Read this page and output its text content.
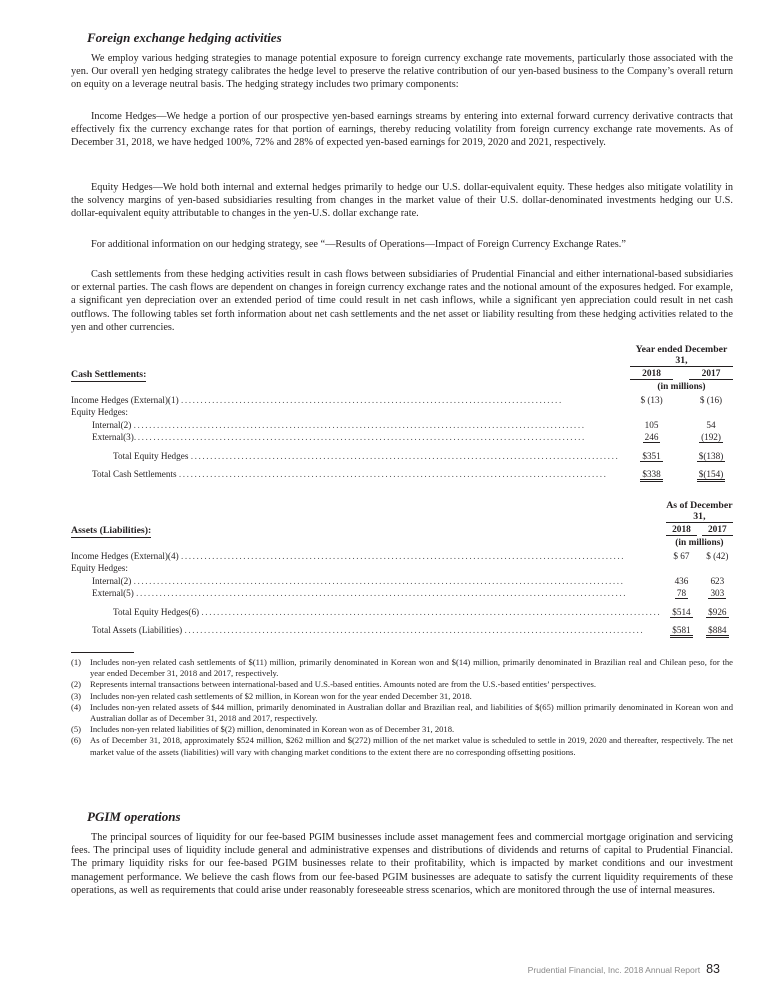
Foreign exchange hedging activities

We employ various hedging strategies to manage potential exposure to foreign currency exchange rate movements, particularly those associated with the yen. Our overall yen hedging strategy calibrates the hedge level to preserve the relative contribution of our yen-based business to the Company’s overall return on equity on a leverage neutral basis. The hedging strategy includes two primary components:

Income Hedges—We hedge a portion of our prospective yen-based earnings streams by entering into external forward currency derivative contracts that effectively fix the currency exchange rates for that portion of earnings, thereby reducing volatility from foreign currency exchange rate movements. As of December 31, 2018, we have hedged 100%, 72% and 28% of expected yen-based earnings for 2019, 2020 and 2021, respectively.

Equity Hedges—We hold both internal and external hedges primarily to hedge our U.S. dollar-equivalent equity. These hedges also mitigate volatility in the solvency margins of yen-based subsidiaries resulting from changes in the market value of their U.S. dollar-denominated investments hedging our U.S. dollar-equivalent equity attributable to changes in the yen-U.S. dollar exchange rate.

For additional information on our hedging strategy, see “—Results of Operations—Impact of Foreign Currency Exchange Rates.”

Cash settlements from these hedging activities result in cash flows between subsidiaries of Prudential Financial and either international-based subsidiaries or external parties. The cash flows are dependent on changes in foreign currency exchange rates and the notional amount of the exposures hedged. For example, a significant yen depreciation over an extended period of time could result in net cash inflows, while a significant yen appreciation could result in net cash outflows. The following tables set forth information about net cash settlements and the net asset or liability resulting from these hedging activities related to the yen and other currencies.

		Year ended December 31,		
Cash Settlements:		2018		2017
		(in millions)		
Income Hedges (External)(1) ..................................................................................................		$ (13)		$ (16)
Equity Hedges:				
Internal(2) ....................................................................................................................		105		54
External(3)....................................................................................................................		246		(192)

Total Equity Hedges ..............................................................................................................		$351		$(138)

Total Cash Settlements ..............................................................................................................		$338		$(154)
		As of December 31,		
Assets (Liabilities):		2018		2017
		(in millions)		
Income Hedges (External)(4) ..................................................................................................................		$ 67		$ (42)
Equity Hedges:				
Internal(2) ..............................................................................................................................		436		623
External(5) ..............................................................................................................................		78		303

Total Equity Hedges(6) ......................................................................................................................		$514		$926

Total Assets (Liabilities) ......................................................................................................................		$581		$884
(1)	Includes non-yen related cash settlements of $(11) million, primarily denominated in Korean won and $(14) million, primarily denominated in Brazilian real and Chilean peso, for the year ended December 31, 2018 and 2017, respectively.
(2)	Represents internal transactions between international-based and U.S.-based entities. Amounts noted are from the U.S.-based entities’ perspectives.
(3)	Includes non-yen related cash settlements of $2 million, in Korean won for the year ended December 31, 2018.
(4)	Includes non-yen related assets of $44 million, primarily denominated in Australian dollar and Brazilian real, and liabilities of $(65) million primarily denominated in Korean won and Australian dollar as of December 31, 2018 and 2017, respectively.
(5)	Includes non-yen related liabilities of $(2) million, denominated in Korean won as of December 31, 2018.
(6)	As of December 31, 2018, approximately $524 million, $262 million and $(272) million of the net market value is scheduled to settle in 2019, 2020 and thereafter, respectively. The net market value of the assets (liabilities) will vary with changing market conditions to the extent there are no corresponding offsetting positions.
PGIM operations

The principal sources of liquidity for our fee-based PGIM businesses include asset management fees and commercial mortgage origination and servicing fees. The principal uses of liquidity include general and administrative expenses and distributions of dividends and returns of capital to Prudential Financial. The primary liquidity risks for our fee-based PGIM businesses relate to their profitability, which is impacted by market conditions and our investment management performance. We believe the cash flows from our fee-based PGIM businesses are adequate to satisfy the current liquidity requirements of these operations, as well as requirements that could arise under reasonably foreseeable stress scenarios, which are monitored through the use of internal measures.

Prudential Financial, Inc. 2018 Annual Report 83
